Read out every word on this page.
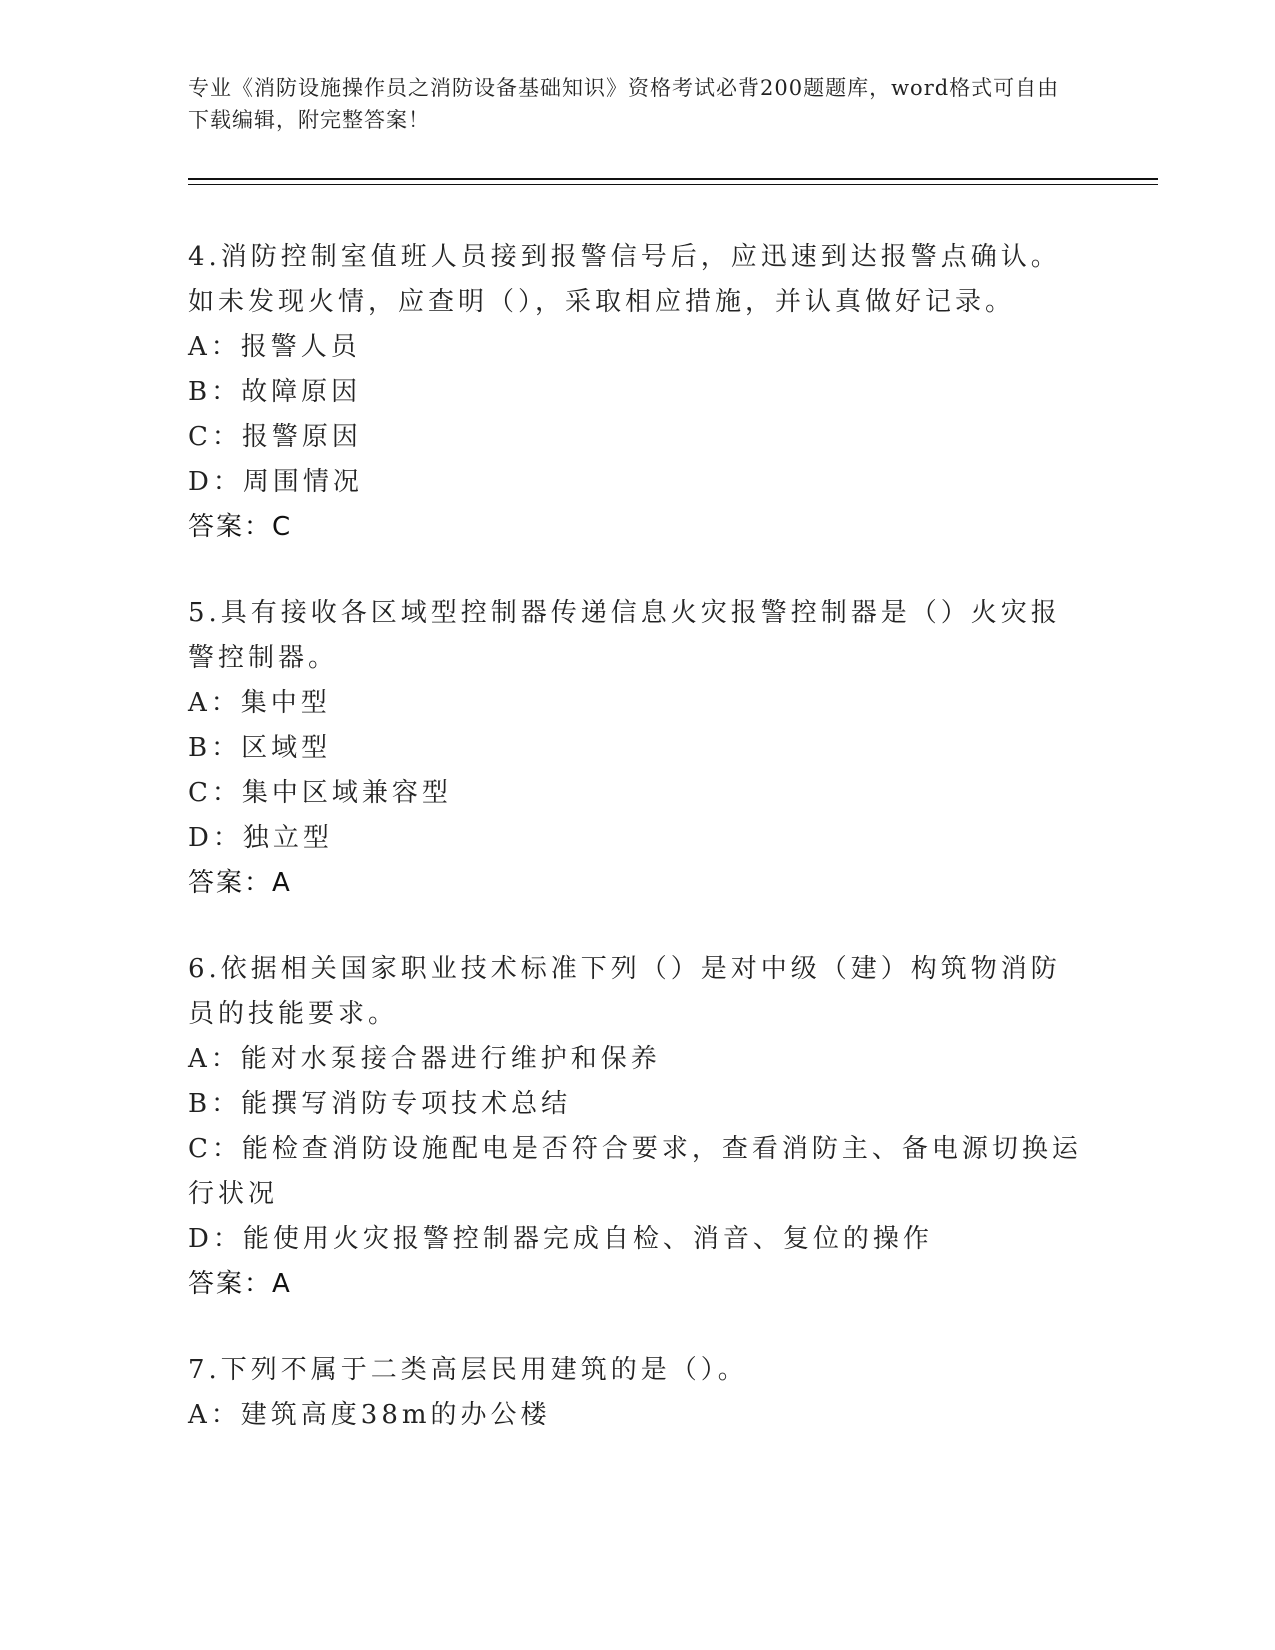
专业《消防设施操作员之消防设备基础知识》资格考试必背200题题库，word格式可自由下载编辑，附完整答案！

4.消防控制室值班人员接到报警信号后，应迅速到达报警点确认。如未发现火情，应查明（），采取相应措施，并认真做好记录。

A：报警人员

B：故障原因

C：报警原因

D：周围情况

答案：C

5.具有接收各区域型控制器传递信息火灾报警控制器是（）火灾报警控制器。

A：集中型

B：区域型

C：集中区域兼容型

D：独立型

答案：A

6.依据相关国家职业技术标准下列（）是对中级（建）构筑物消防员的技能要求。

A：能对水泵接合器进行维护和保养

B：能撰写消防专项技术总结

C：能检查消防设施配电是否符合要求，查看消防主、备电源切换运行状况

D：能使用火灾报警控制器完成自检、消音、复位的操作

答案：A

7.下列不属于二类高层民用建筑的是（）。

A：建筑高度38m的办公楼
